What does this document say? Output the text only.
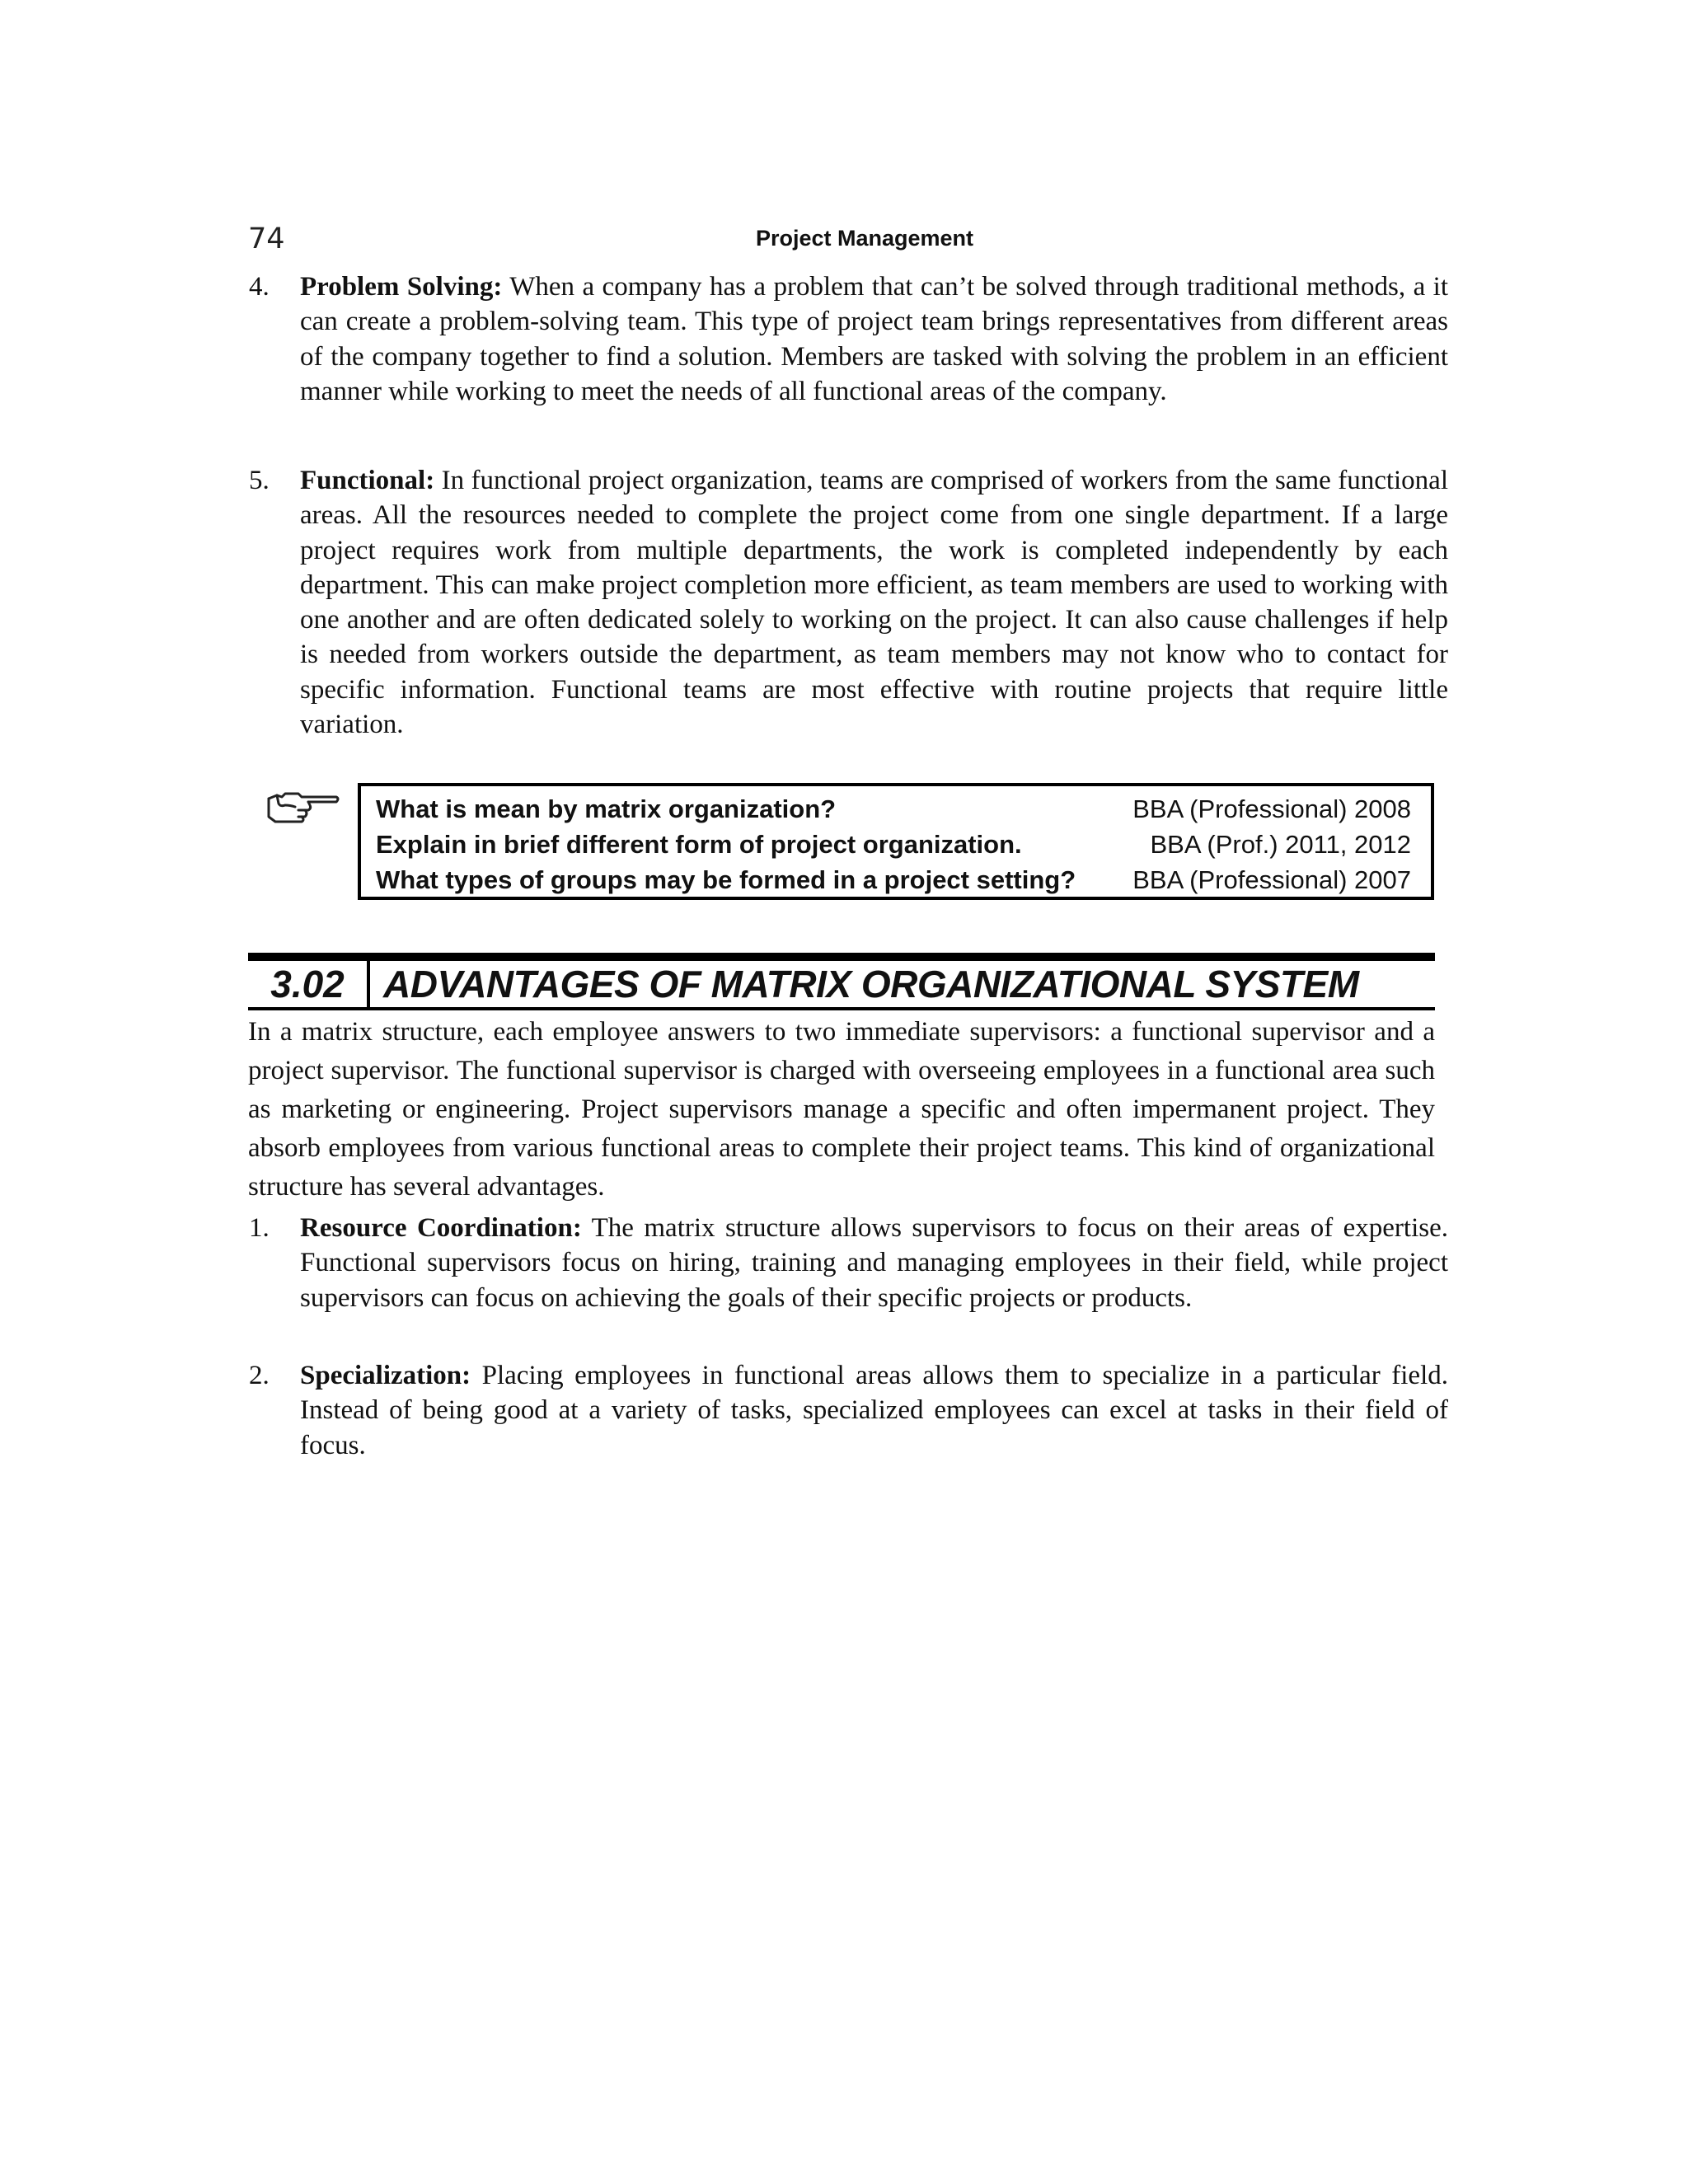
74	Project Management
4. Problem Solving: When a company has a problem that can’t be solved through traditional methods, a it can create a problem-solving team. This type of project team brings representatives from different areas of the company together to find a solution. Members are tasked with solving the problem in an efficient manner while working to meet the needs of all functional areas of the company.
5. Functional: In functional project organization, teams are comprised of workers from the same functional areas. All the resources needed to complete the project come from one single department. If a large project requires work from multiple departments, the work is completed independently by each department. This can make project completion more efficient, as team members are used to working with one another and are often dedicated solely to working on the project. It can also cause challenges if help is needed from workers outside the department, as team members may not know who to contact for specific information. Functional teams are most effective with routine projects that require little variation.
What is mean by matrix organization?	BBA (Professional) 2008
Explain in brief different form of project organization.	BBA (Prof.) 2011, 2012
What types of groups may be formed in a project setting? BBA (Professional) 2007
3.02	ADVANTAGES OF MATRIX ORGANIZATIONAL SYSTEM
In a matrix structure, each employee answers to two immediate supervisors: a functional supervisor and a project supervisor. The functional supervisor is charged with overseeing employees in a functional area such as marketing or engineering. Project supervisors manage a specific and often impermanent project. They absorb employees from various functional areas to complete their project teams. This kind of organizational structure has several advantages.
1. Resource Coordination: The matrix structure allows supervisors to focus on their areas of expertise. Functional supervisors focus on hiring, training and managing employees in their field, while project supervisors can focus on achieving the goals of their specific projects or products.
2. Specialization: Placing employees in functional areas allows them to specialize in a particular field. Instead of being good at a variety of tasks, specialized employees can excel at tasks in their field of focus.
